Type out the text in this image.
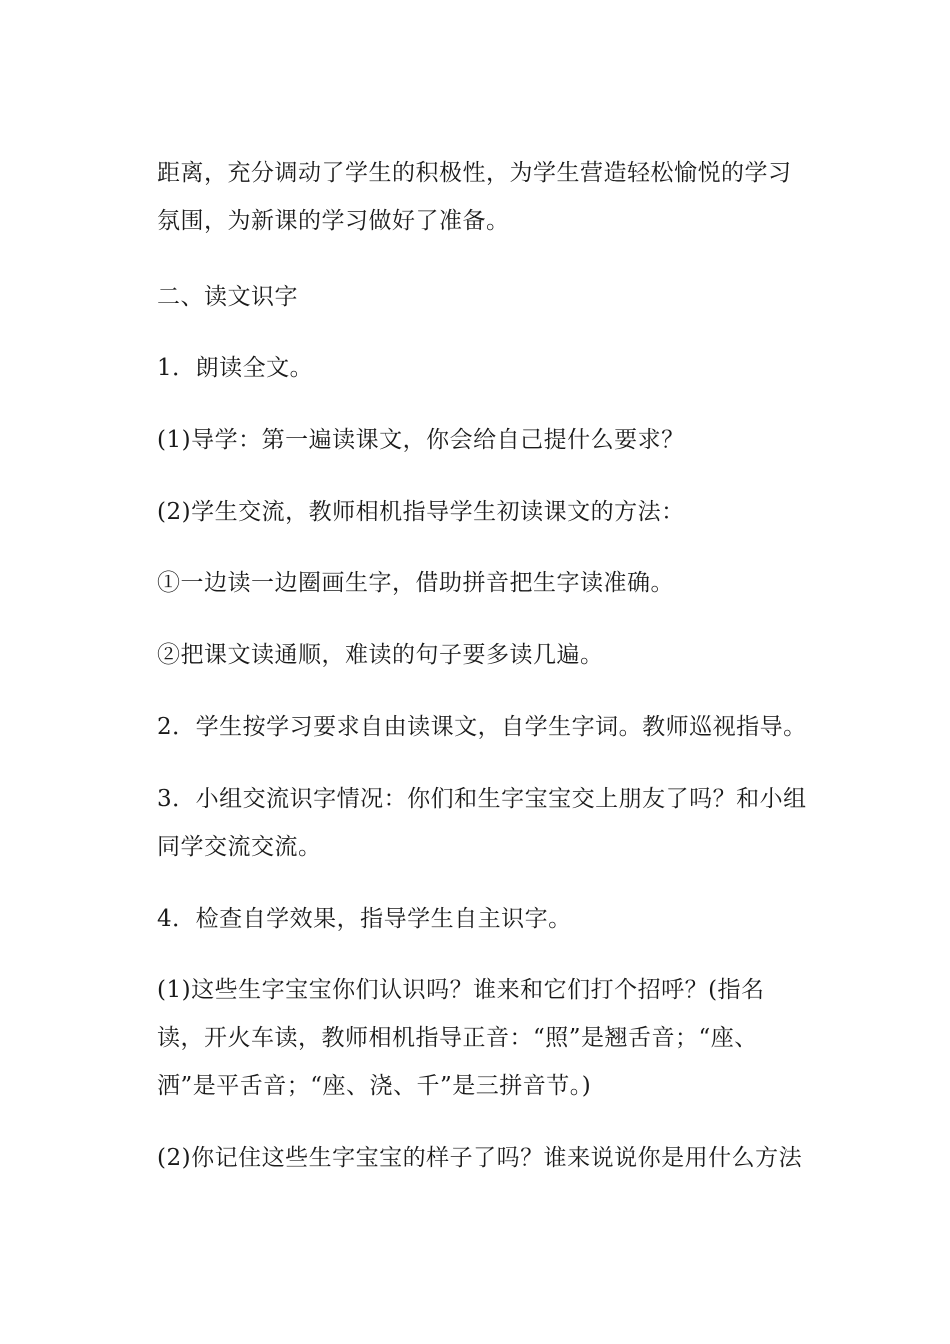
距离，充分调动了学生的积极性，为学生营造轻松愉悦的学习
氛围，为新课的学习做好了准备。
二、读文识字
1．朗读全文。
(1)导学：第一遍读课文，你会给自己提什么要求？
(2)学生交流，教师相机指导学生初读课文的方法：
①一边读一边圈画生字，借助拼音把生字读准确。
②把课文读通顺，难读的句子要多读几遍。
2．学生按学习要求自由读课文，自学生字词。教师巡视指导。
3．小组交流识字情况：你们和生字宝宝交上朋友了吗？和小组
同学交流交流。
4．检查自学效果，指导学生自主识字。
(1)这些生字宝宝你们认识吗？谁来和它们打个招呼？(指名
读，开火车读，教师相机指导正音：“照”是翘舌音；“座、
洒”是平舌音；“座、浇、千”是三拼音节。)
(2)你记住这些生字宝宝的样子了吗？谁来说说你是用什么方法
